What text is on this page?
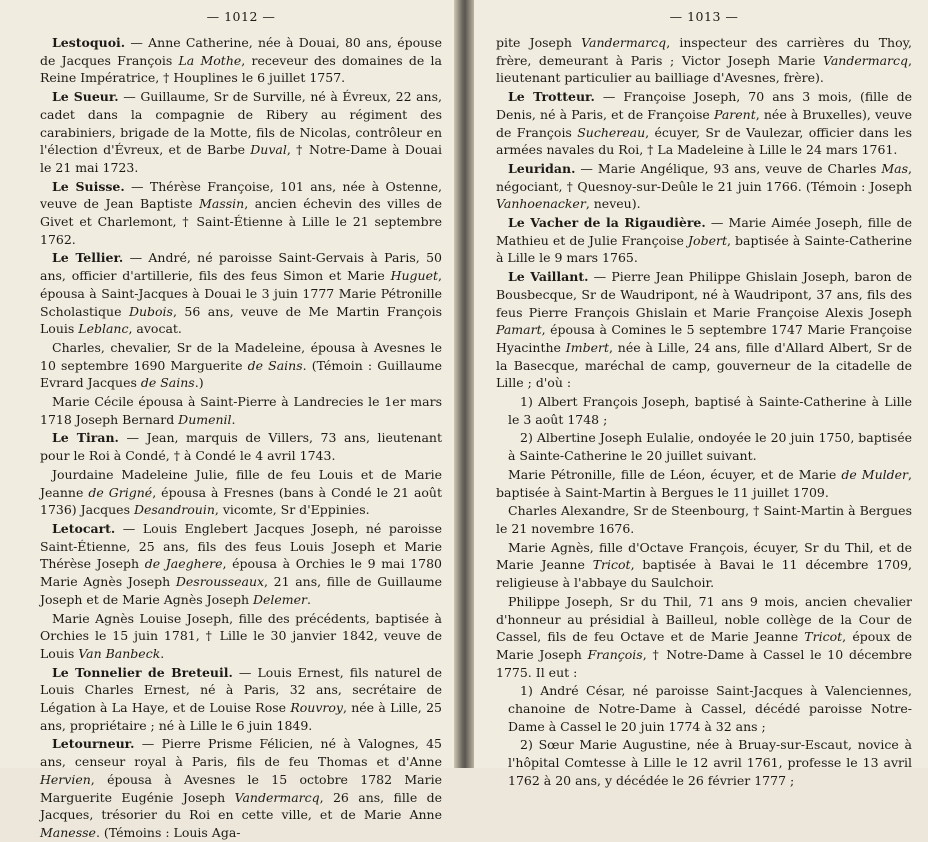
— 1012 —

Lestoquoi. — Anne Catherine, née à Douai, 80 ans, épouse de Jacques François La Mothe, receveur des domaines de la Reine Impératrice, † Houplines le 6 juillet 1757.

Le Sueur. — Guillaume, Sr de Surville, né à Évreux, 22 ans, cadet dans la compagnie de Ribery au régiment des carabiniers, brigade de la Motte, fils de Nicolas, contrôleur en l'élection d'Évreux, et de Barbe Duval, † Notre-Dame à Douai le 21 mai 1723.

Le Suisse. — Thérèse Françoise, 101 ans, née à Ostenne, veuve de Jean Baptiste Massin, ancien échevin des villes de Givet et Charlemont, † Saint-Étienne à Lille le 21 septembre 1762.

Le Tellier. — André, né paroisse Saint-Gervais à Paris, 50 ans, officier d'artillerie, fils des feus Simon et Marie Huguet, épousa à Saint-Jacques à Douai le 3 juin 1777 Marie Pétronille Scholastique Dubois, 56 ans, veuve de Me Martin François Louis Leblanc, avocat.

Charles, chevalier, Sr de la Madeleine, épousa à Avesnes le 10 septembre 1690 Marguerite de Sains. (Témoin : Guillaume Evrard Jacques de Sains.)

Marie Cécile épousa à Saint-Pierre à Landrecies le 1er mars 1718 Joseph Bernard Dumenil.

Le Tiran. — Jean, marquis de Villers, 73 ans, lieutenant pour le Roi à Condé, † à Condé le 4 avril 1743.

Jourdaine Madeleine Julie, fille de feu Louis et de Marie Jeanne de Grigné, épousa à Fresnes (bans à Condé le 21 août 1736) Jacques Desandrouin, vicomte, Sr d'Eppinies.

Letocart. — Louis Englebert Jacques Joseph, né paroisse Saint-Étienne, 25 ans, fils des feus Louis Joseph et Marie Thérèse Joseph de Jaeghere, épousa à Orchies le 9 mai 1780 Marie Agnès Joseph Desrousseaux, 21 ans, fille de Guillaume Joseph et de Marie Agnès Joseph Delemer.

Marie Agnès Louise Joseph, fille des précédents, baptisée à Orchies le 15 juin 1781, † Lille le 30 janvier 1842, veuve de Louis Van Banbeck.

Le Tonnelier de Breteuil. — Louis Ernest, fils naturel de Louis Charles Ernest, né à Paris, 32 ans, secrétaire de Légation à La Haye, et de Louise Rose Rouvroy, née à Lille, 25 ans, propriétaire ; né à Lille le 6 juin 1849.

Letourneur. — Pierre Prisme Félicien, né à Valognes, 45 ans, censeur royal à Paris, fils de feu Thomas et d'Anne Hervien, épousa à Avesnes le 15 octobre 1782 Marie Marguerite Eugénie Joseph Vandermarcq, 26 ans, fille de Jacques, trésorier du Roi en cette ville, et de Marie Anne Manesse. (Témoins : Louis Aga-

— 1013 —

pite Joseph Vandermarcq, inspecteur des carrières du Thoy, frère, demeurant à Paris ; Victor Joseph Marie Vandermarcq, lieutenant particulier au bailliage d'Avesnes, frère).

Le Trotteur. — Françoise Joseph, 70 ans 3 mois, (fille de Denis, né à Paris, et de Françoise Parent, née à Bruxelles), veuve de François Suchereau, écuyer, Sr de Vaulezar, officier dans les armées navales du Roi, † La Madeleine à Lille le 24 mars 1761.

Leuridan. — Marie Angélique, 93 ans, veuve de Charles Mas, négociant, † Quesnoy-sur-Deûle le 21 juin 1766. (Témoin : Joseph Vanhoenacker, neveu).

Le Vacher de la Rigaudière. — Marie Aimée Joseph, fille de Mathieu et de Julie Françoise Jobert, baptisée à Sainte-Catherine à Lille le 9 mars 1765.

Le Vaillant. — Pierre Jean Philippe Ghislain Joseph, baron de Bousbecque, Sr de Waudripont, né à Waudripont, 37 ans, fils des feus Pierre François Ghislain et Marie Françoise Alexis Joseph Pamart, épousa à Comines le 5 septembre 1747 Marie Françoise Hyacinthe Imbert, née à Lille, 24 ans, fille d'Allard Albert, Sr de la Basecque, maréchal de camp, gouverneur de la citadelle de Lille ; d'où :

1) Albert François Joseph, baptisé à Sainte-Catherine à Lille le 3 août 1748 ;

2) Albertine Joseph Eulalie, ondoyée le 20 juin 1750, baptisée à Sainte-Catherine le 20 juillet suivant.

Marie Pétronille, fille de Léon, écuyer, et de Marie de Mulder, baptisée à Saint-Martin à Bergues le 11 juillet 1709.

Charles Alexandre, Sr de Steenbourg, † Saint-Martin à Bergues le 21 novembre 1676.

Marie Agnès, fille d'Octave François, écuyer, Sr du Thil, et de Marie Jeanne Tricot, baptisée à Bavai le 11 décembre 1709, religieuse à l'abbaye du Saulchoir.

Philippe Joseph, Sr du Thil, 71 ans 9 mois, ancien chevalier d'honneur au présidial à Bailleul, noble collège de la Cour de Cassel, fils de feu Octave et de Marie Jeanne Tricot, époux de Marie Joseph François, † Notre-Dame à Cassel le 10 décembre 1775. Il eut :

1) André César, né paroisse Saint-Jacques à Valenciennes, chanoine de Notre-Dame à Cassel, décédé paroisse Notre-Dame à Cassel le 20 juin 1774 à 32 ans ;

2) Sœur Marie Augustine, née à Bruay-sur-Escaut, novice à l'hôpital Comtesse à Lille le 12 avril 1761, professe le 13 avril 1762 à 20 ans, y décédée le 26 février 1777 ;
